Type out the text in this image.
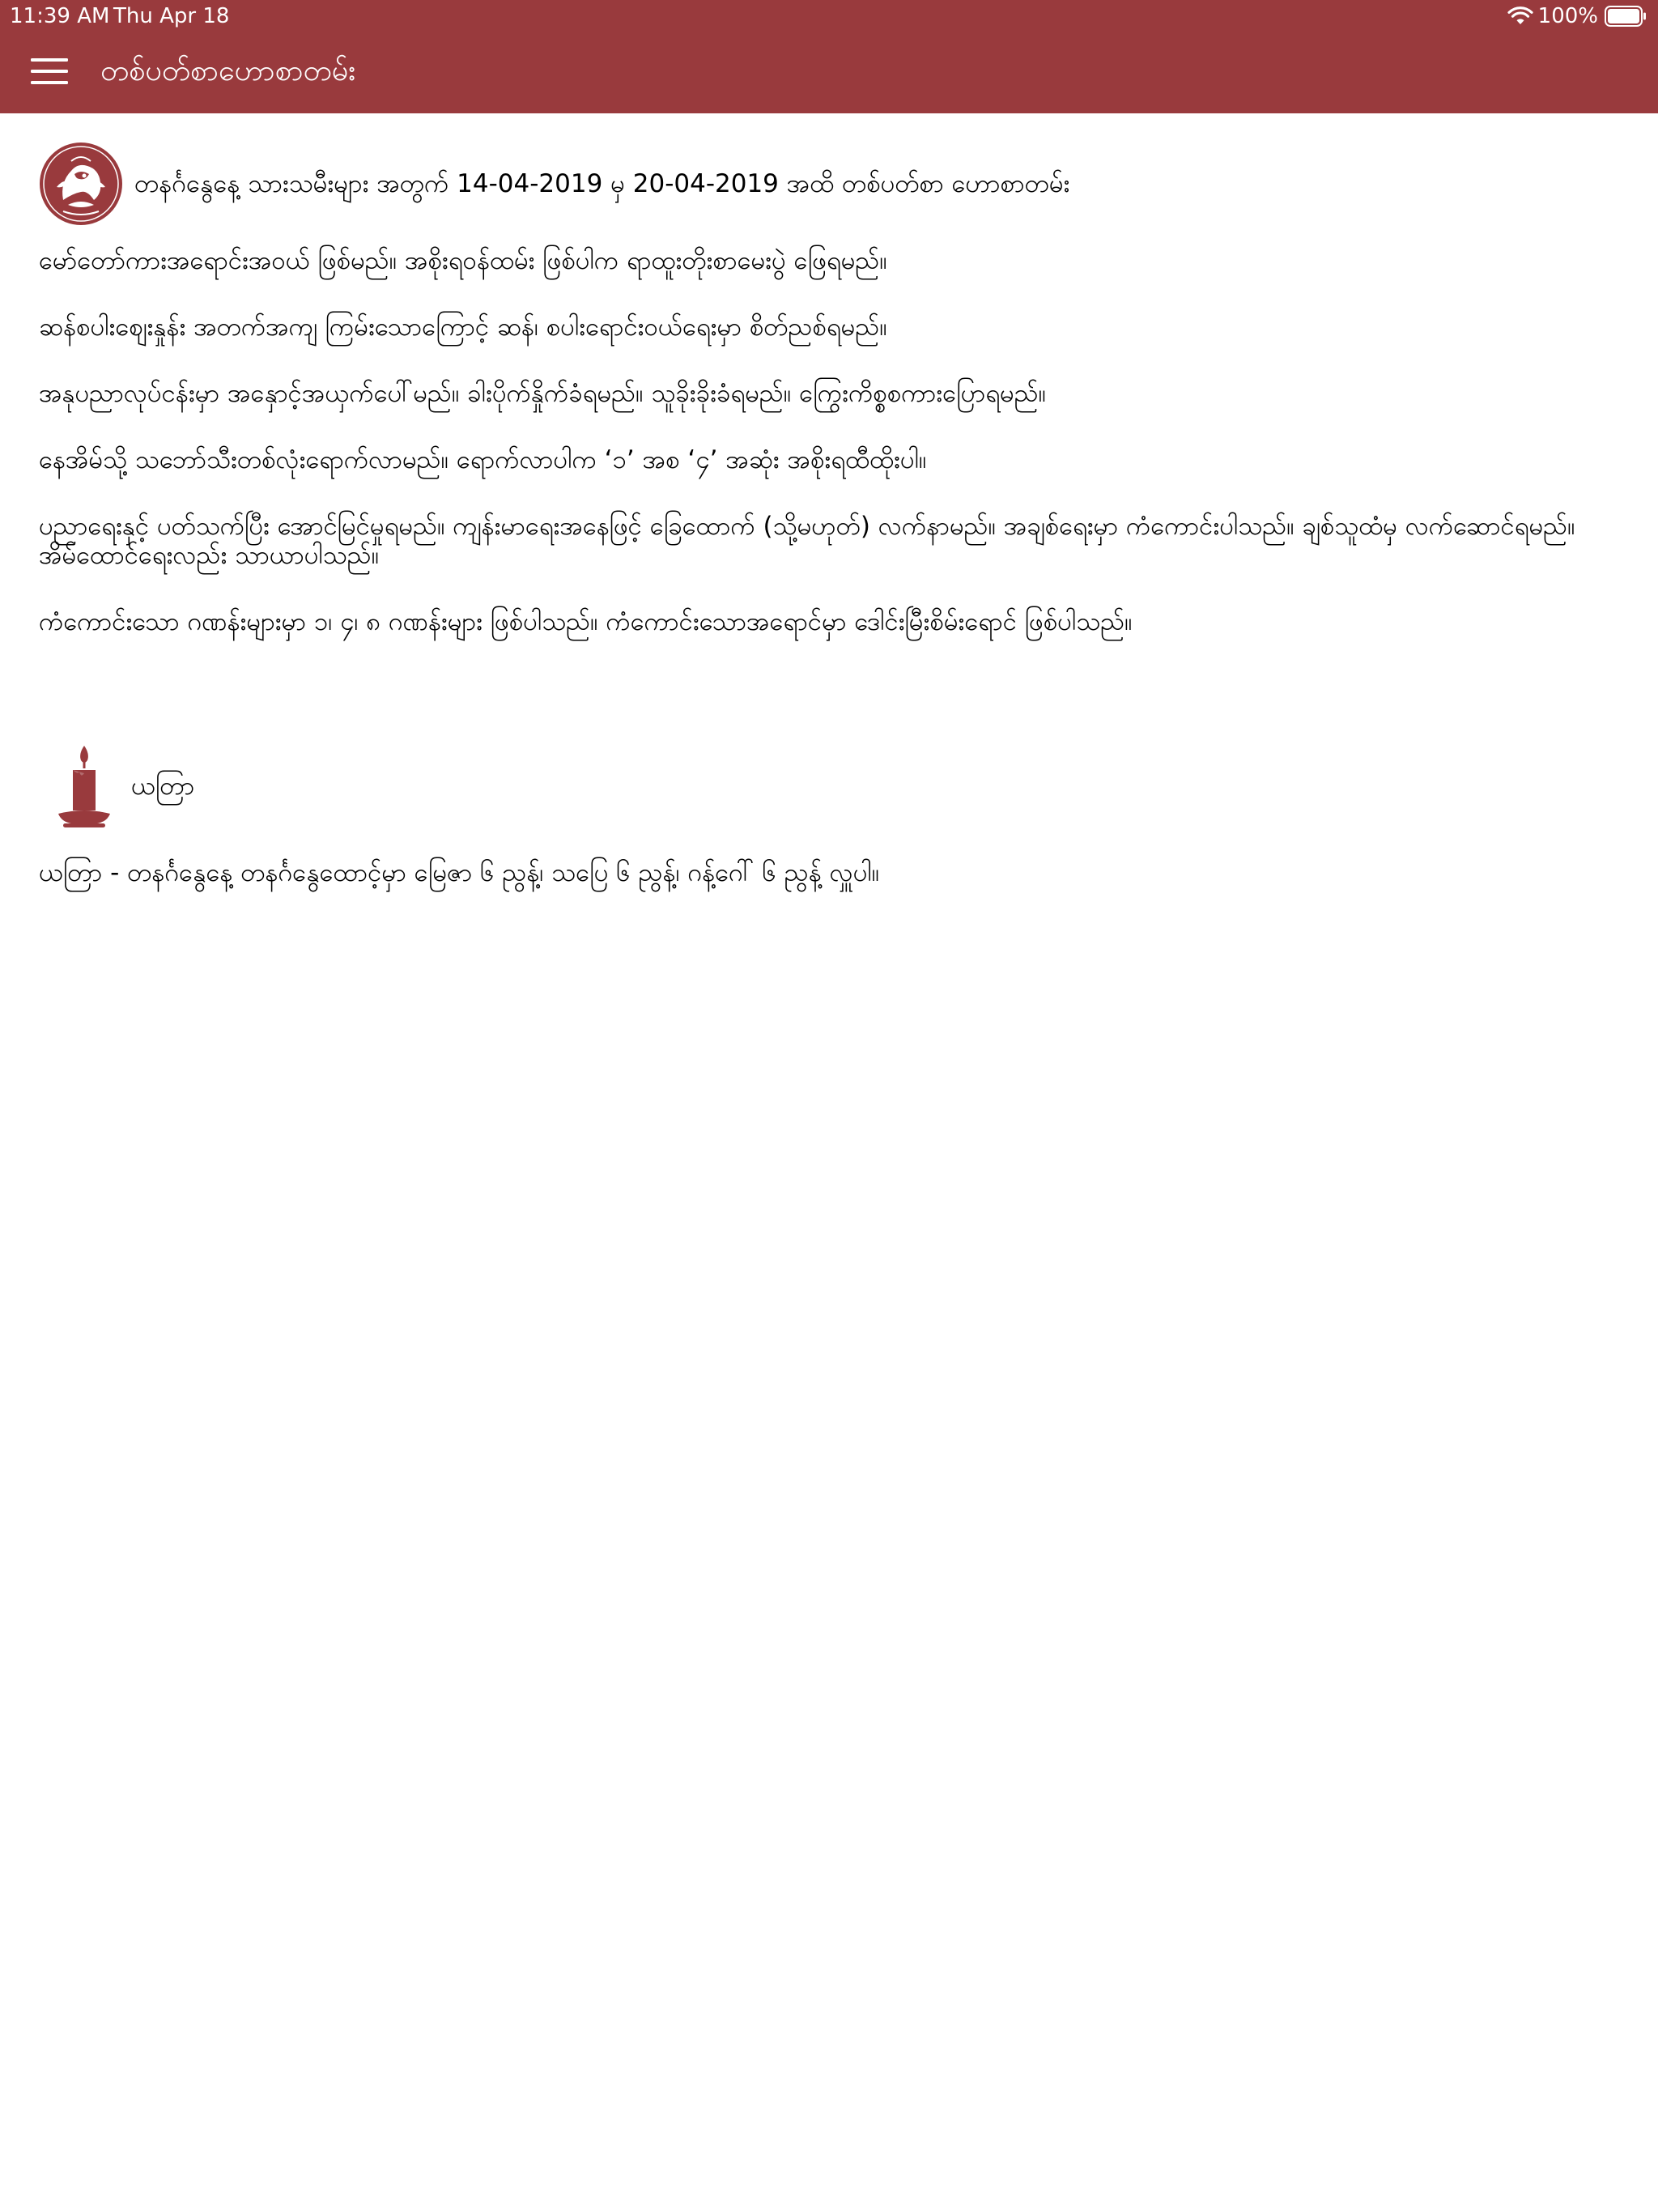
11:39 AM Thu Apr 18	100%
တစ်ပတ်စာဟောစာတမ်း
တနင်္ဂနွေနေ့ သားသမီးများ အတွက် 14-04-2019 မှ 20-04-2019 အထိ တစ်ပတ်စာ ဟောစာတမ်း

မော်တော်ကားအရောင်းအဝယ် ဖြစ်မည်။ အစိုးရဝန်ထမ်း ဖြစ်ပါက ရာထူးတိုးစာမေးပွဲ ဖြေရမည်။

ဆန်စပါးစျေးနှုန်း အတက်အကျ ကြမ်းသောကြောင့် ဆန်၊ စပါးရောင်းဝယ်ရေးမှာ စိတ်ညစ်ရမည်။

အနုပညာလုပ်ငန်းမှာ အနှောင့်အယှက်ပေါ်မည်။ ခါးပိုက်နှိုက်ခံရမည်။ သူခိုးခိုးခံရမည်။ ကြွေးကိစ္စစကားပြောရမည်။

နေအိမ်သို့ သဘော်သီးတစ်လုံးရောက်လာမည်။ ရောက်လာပါက ‘၁’ အစ ‘၄’ အဆုံး အစိုးရထီထိုးပါ။

ပညာရေးနှင့် ပတ်သက်ပြီး အောင်မြင်မှုရမည်။ ကျန်းမာရေးအနေဖြင့် ခြေထောက် (သို့မဟုတ်) လက်နာမည်။ အချစ်ရေးမှာ ကံကောင်းပါသည်။ ချစ်သူထံမှ လက်ဆောင်ရမည်။ အိမ်ထောင်ရေးလည်း သာယာပါသည်။

ကံကောင်းသော ဂဏန်းများမှာ ၁၊ ၄၊ ၈ ဂဏန်းများ ဖြစ်ပါသည်။ ကံကောင်းသောအရောင်မှာ ဒေါင်းမြီးစိမ်းရောင် ဖြစ်ပါသည်။

ယတြာ

ယတြာ - တနင်္ဂနွေနေ့ တနင်္ဂနွေထောင့်မှာ မြေဇာ ၆ ညွန့်၊ သပြေ ၆ ညွန့်၊ ဂန့်ဂေါ် ၆ ညွန့် လှူပါ။
